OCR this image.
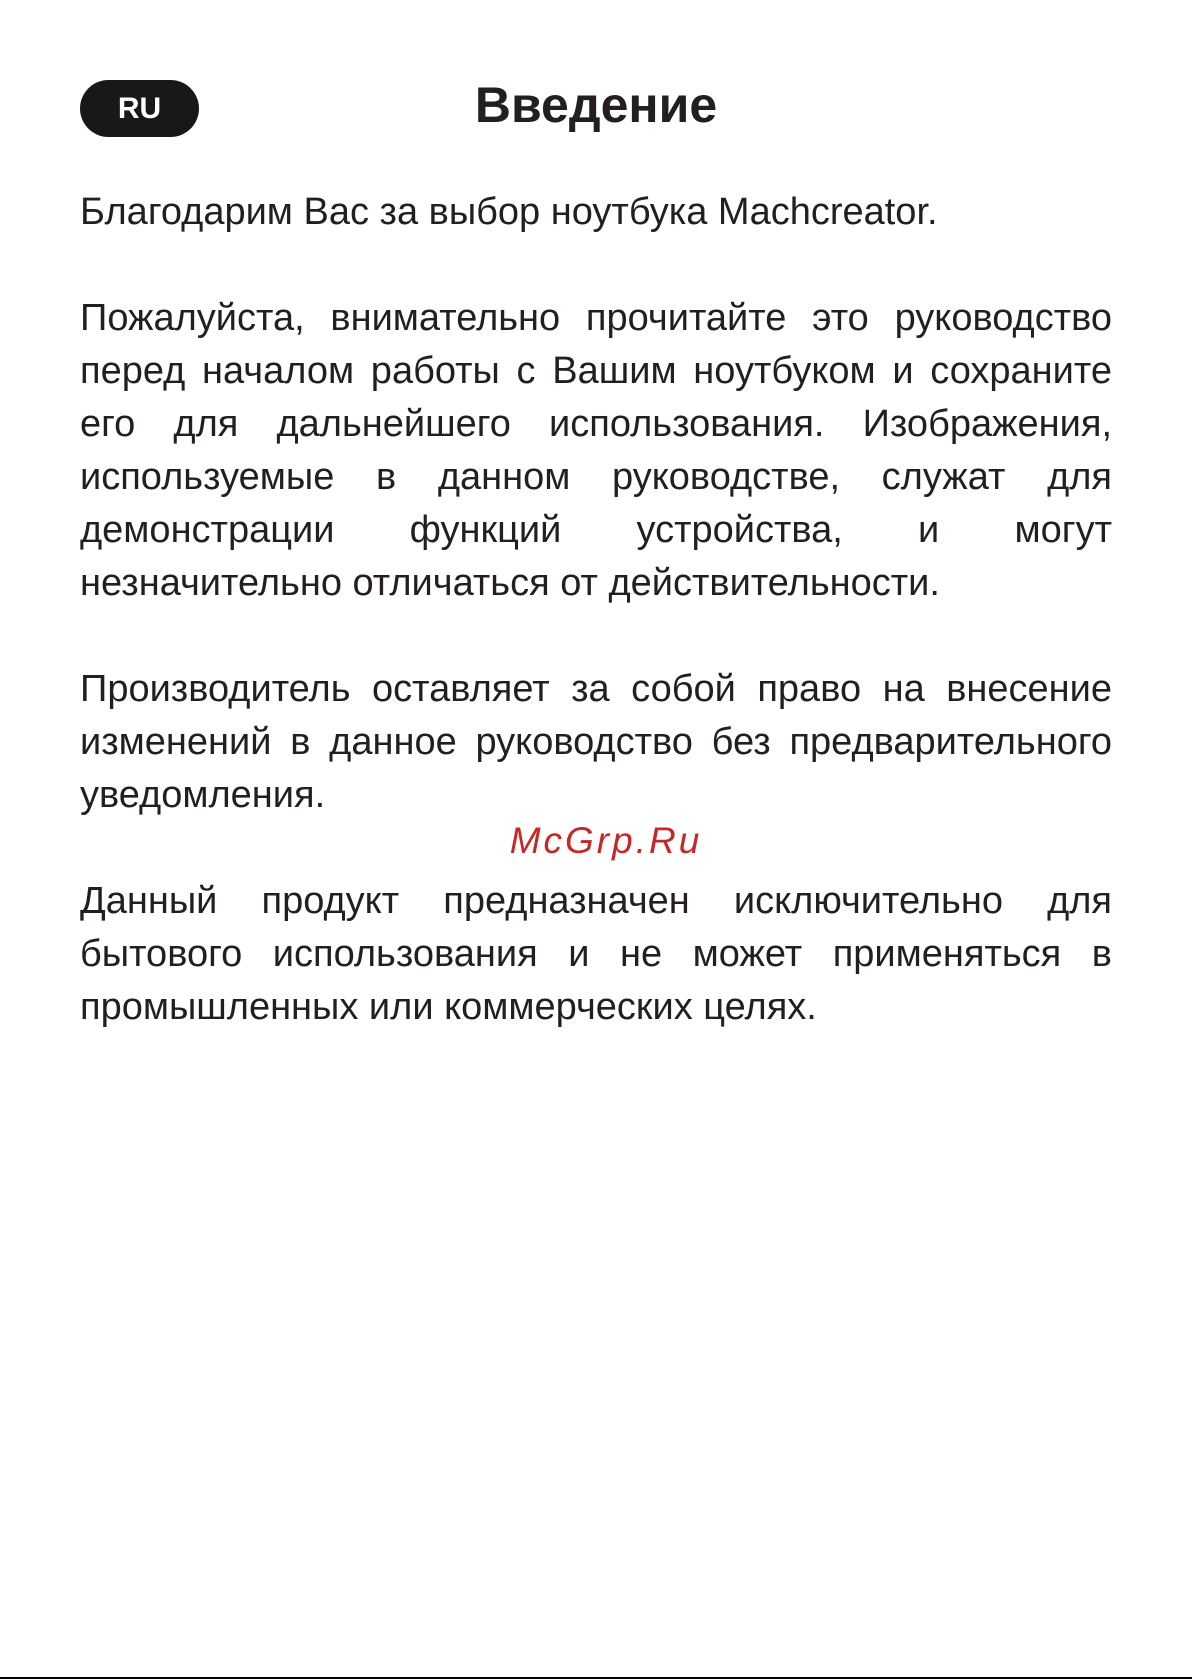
RU	Введение

Благодарим Вас за выбор ноутбука Machcreator.

Пожалуйста, внимательно прочитайте это руководство перед началом работы с Вашим ноутбуком и сохраните его для дальнейшего использования. Изображения, используемые в данном руководстве, служат для демонстрации функций устройства, и могут незначительно отличаться от действительности.

Производитель оставляет за собой право на внесение изменений в данное руководство без предварительного уведомления.

McGrp.Ru

Данный продукт предназначен исключительно для бытового использования и не может применяться в промышленных или коммерческих целях.
